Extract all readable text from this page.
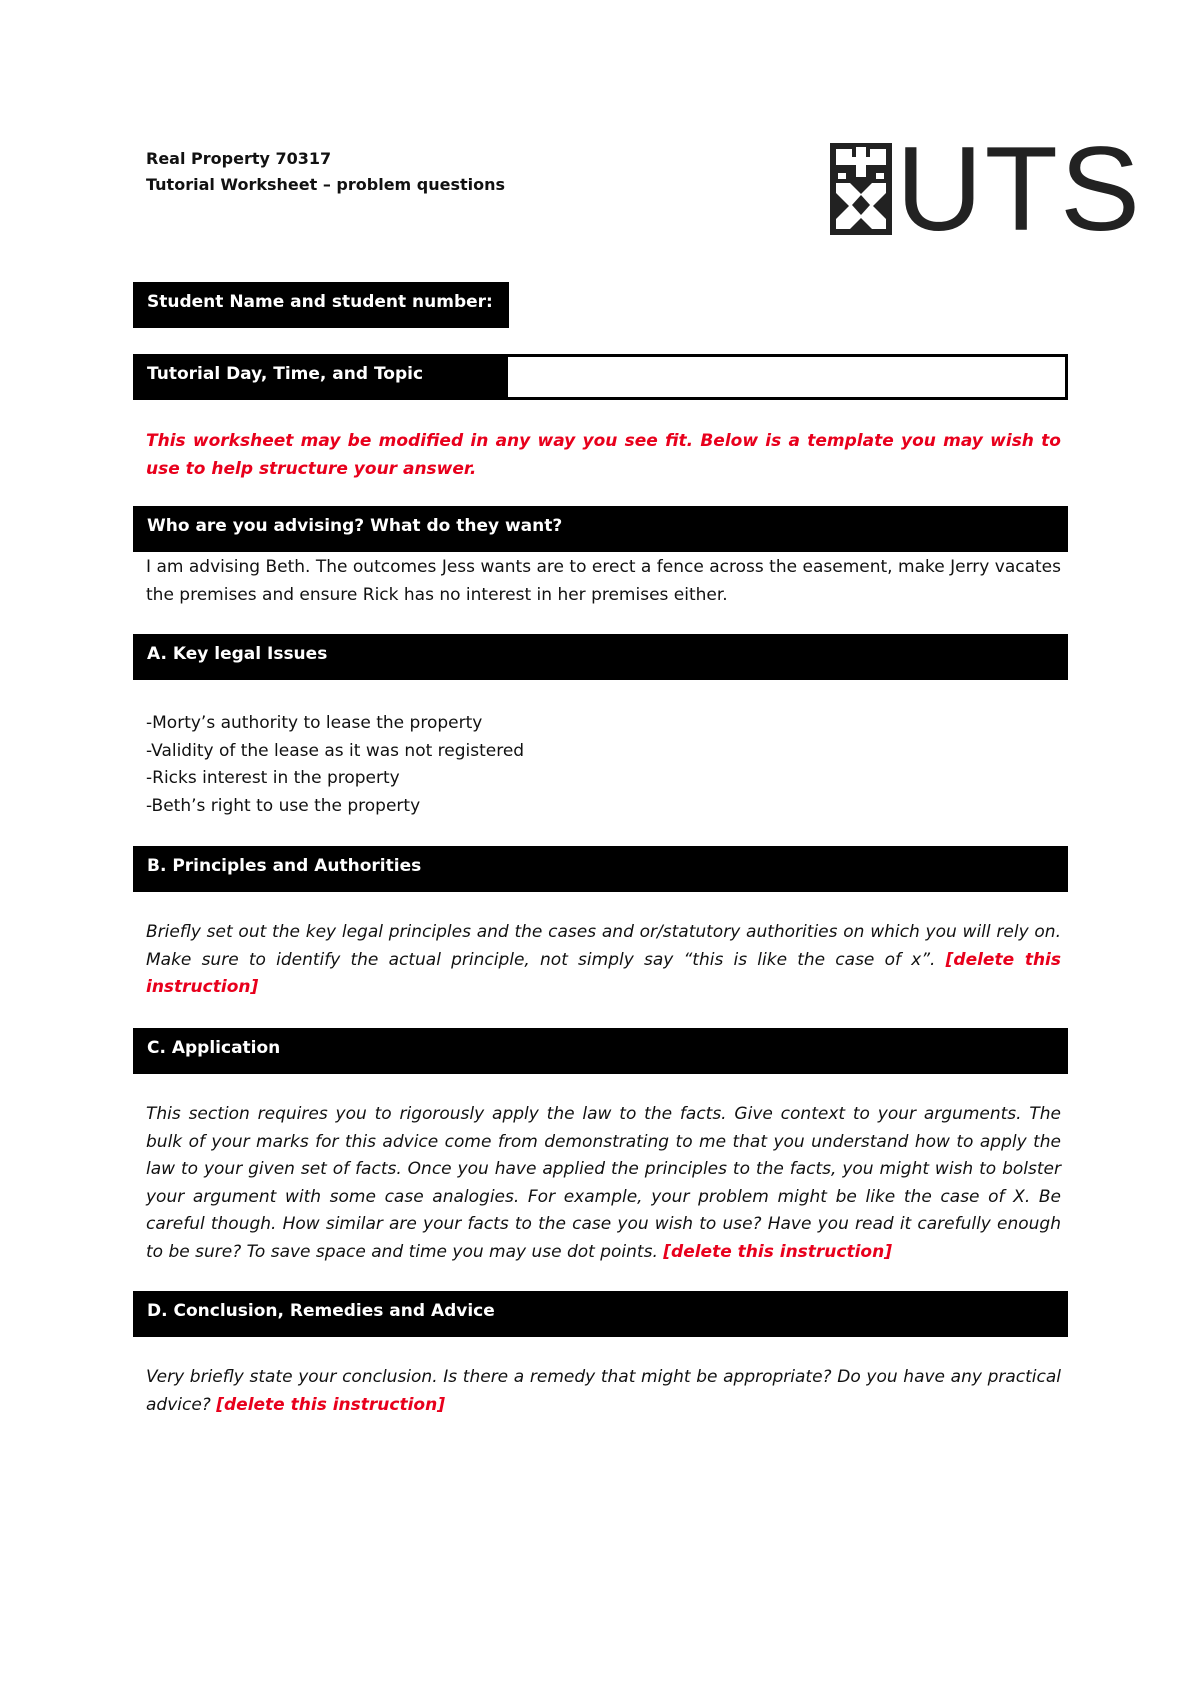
Real Property 70317
Tutorial Worksheet – problem questions	UTS
Student Name and student number:
Tutorial Day, Time, and Topic
This worksheet may be modified in any way you see fit. Below is a template you may wish to use to help structure your answer.
Who are you advising? What do they want?
I am advising Beth. The outcomes Jess wants are to erect a fence across the easement, make Jerry vacates the premises and ensure Rick has no interest in her premises either.
A. Key legal Issues

-Morty’s authority to lease the property

-Validity of the lease as it was not registered

-Ricks interest in the property

-Beth’s right to use the property

B. Principles and Authorities
Briefly set out the key legal principles and the cases and or/statutory authorities on which you will rely on. Make sure to identify the actual principle, not simply say “this is like the case of x”. [delete this instruction]
C. Application
This section requires you to rigorously apply the law to the facts. Give context to your arguments. The bulk of your marks for this advice come from demonstrating to me that you understand how to apply the law to your given set of facts. Once you have applied the principles to the facts, you might wish to bolster your argument with some case analogies. For example, your problem might be like the case of X. Be careful though. How similar are your facts to the case you wish to use? Have you read it carefully enough to be sure? To save space and time you may use dot points. [delete this instruction]
D. Conclusion, Remedies and Advice
Very briefly state your conclusion. Is there a remedy that might be appropriate? Do you have any practical advice? [delete this instruction]
